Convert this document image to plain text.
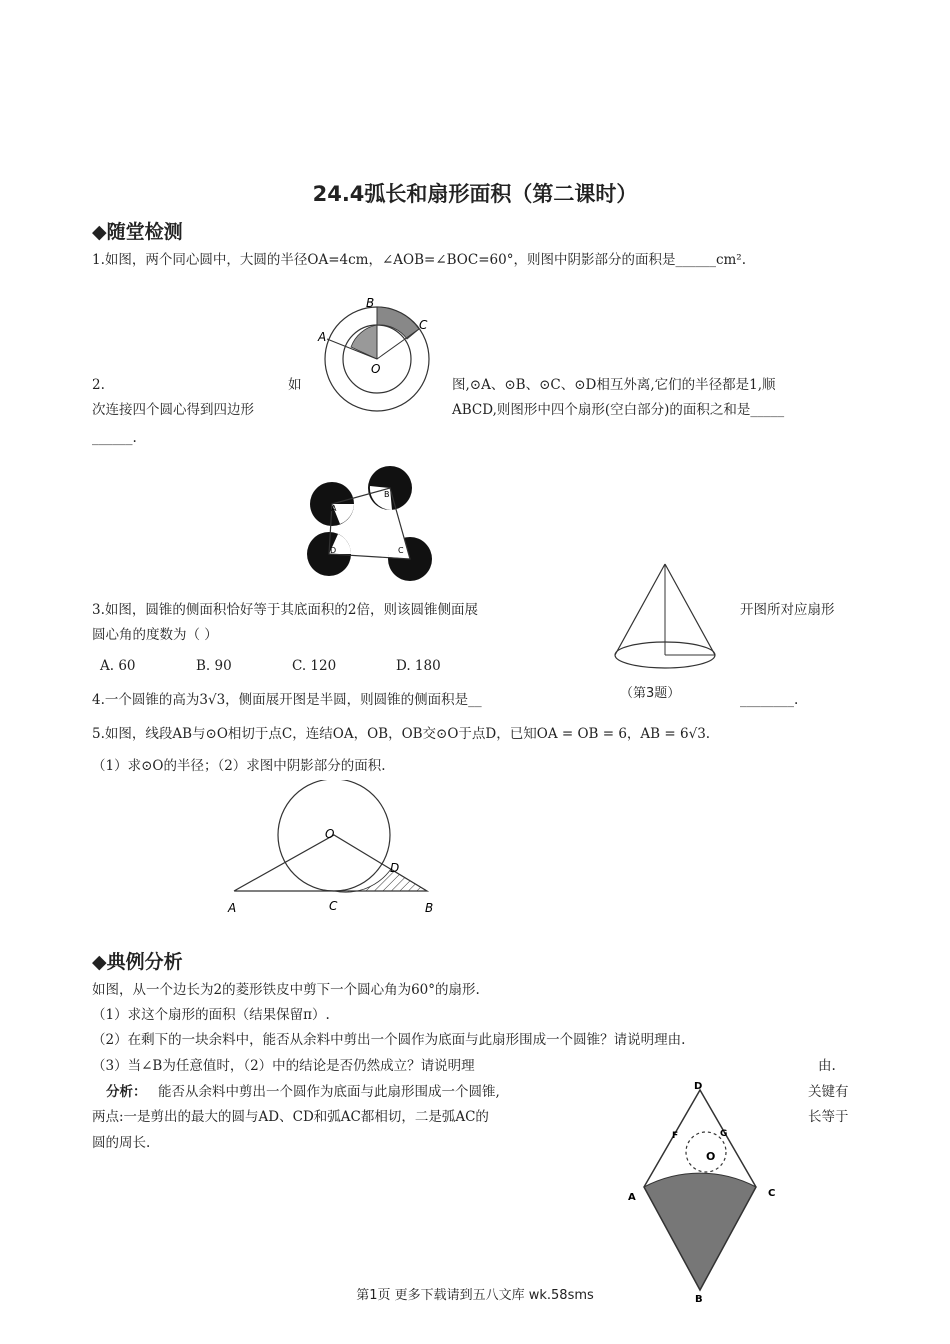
24.4弧长和扇形面积（第二课时）
◆随堂检测
1.如图，两个同心圆中，大圆的半径OA=4cm，∠AOB=∠BOC=60°，则图中阴影部分的面积是______cm².
B
C
A
O
2.	如	图,⊙A、⊙B、⊙C、⊙D相互外离,它们的半径都是1,顺
次连接四个圆心得到四边形	ABCD,则图形中四个扇形(空白部分)的面积之和是_____
______.
A
B
C
D
3.如图，圆锥的侧面积恰好等于其底面积的2倍，则该圆锥侧面展	开图所对应扇形
圆心角的度数为（ ）
A. 60	B. 90	C. 120	D. 180
（第3题）
4.一个圆锥的高为3√3，侧面展开图是半圆，则圆锥的侧面积是__	________.
5.如图，线段AB与⊙O相切于点C，连结OA，OB，OB交⊙O于点D，已知OA = OB = 6，AB = 6√3.
（1）求⊙O的半径；（2）求图中阴影部分的面积.
O
D
A	C	B
◆典例分析
如图，从一个边长为2的菱形铁皮中剪下一个圆心角为60°的扇形.
（1）求这个扇形的面积（结果保留π）.
（2）在剩下的一块余料中，能否从余料中剪出一个圆作为底面与此扇形围成一个圆锥？请说明理由.
（3）当∠B为任意值时，（2）中的结论是否仍然成立？请说明理	由.
分析： 能否从余料中剪出一个圆作为底面与此扇形围成一个圆锥,	关键有
两点:一是剪出的最大的圆与AD、CD和弧AC都相切，二是弧AC的	长等于
圆的周长.
D
F	G
O
A	C
B
第1页 更多下载请到五八文库 wk.58sms
